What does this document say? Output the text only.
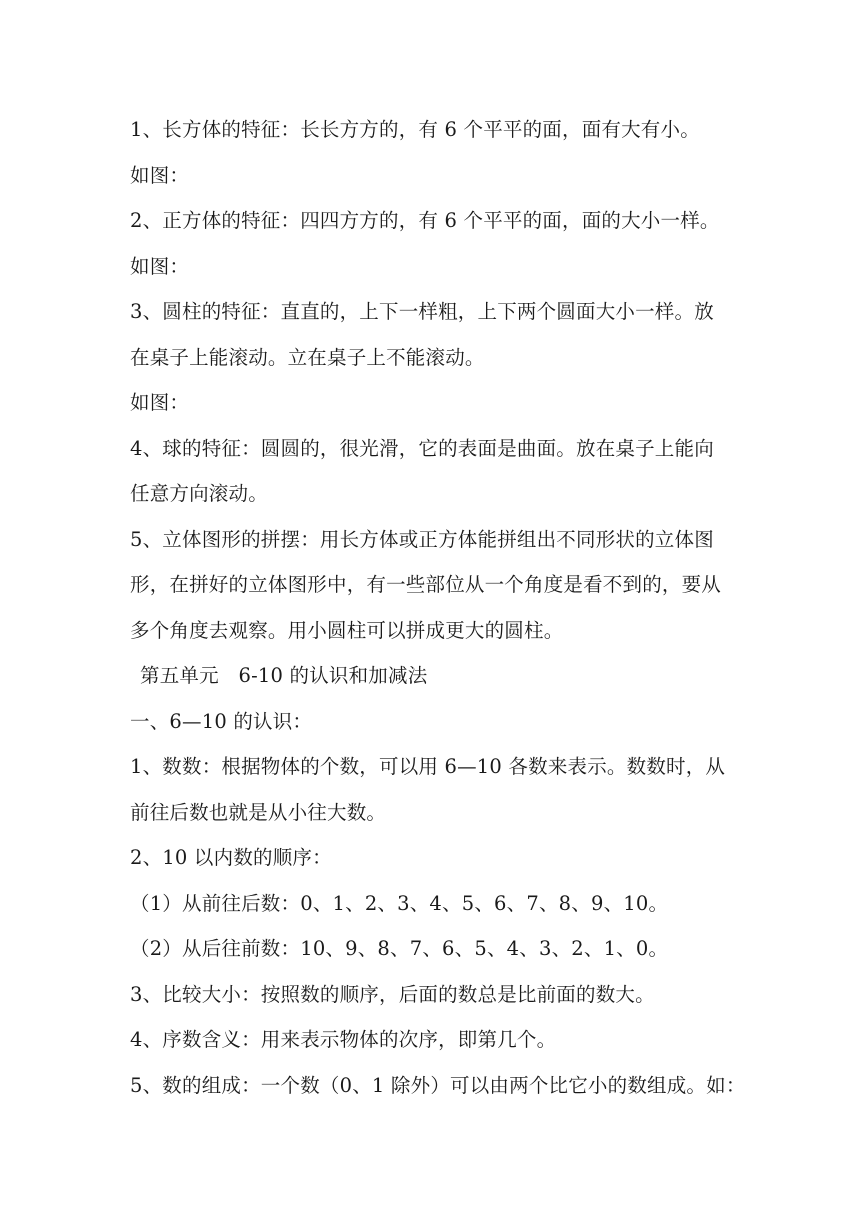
1、长方体的特征：长长方方的，有 6 个平平的面，面有大有小。
如图：
2、正方体的特征：四四方方的，有 6 个平平的面，面的大小一样。
如图：
3、圆柱的特征：直直的，上下一样粗，上下两个圆面大小一样。放
在桌子上能滚动。立在桌子上不能滚动。
如图：
4、球的特征：圆圆的，很光滑，它的表面是曲面。放在桌子上能向
任意方向滚动。
5、立体图形的拼摆：用长方体或正方体能拼组出不同形状的立体图
形，在拼好的立体图形中，有一些部位从一个角度是看不到的，要从
多个角度去观察。用小圆柱可以拼成更大的圆柱。
第五单元　6-10 的认识和加减法
一、6—10 的认识：
1、数数：根据物体的个数，可以用 6—10 各数来表示。数数时，从
前往后数也就是从小往大数。
2、10 以内数的顺序：
（1）从前往后数：0、1、2、3、4、5、6、7、8、9、10。
（2）从后往前数：10、9、8、7、6、5、4、3、2、1、0。
3、比较大小：按照数的顺序，后面的数总是比前面的数大。
4、序数含义：用来表示物体的次序，即第几个。
5、数的组成：一个数（0、1 除外）可以由两个比它小的数组成。如：
